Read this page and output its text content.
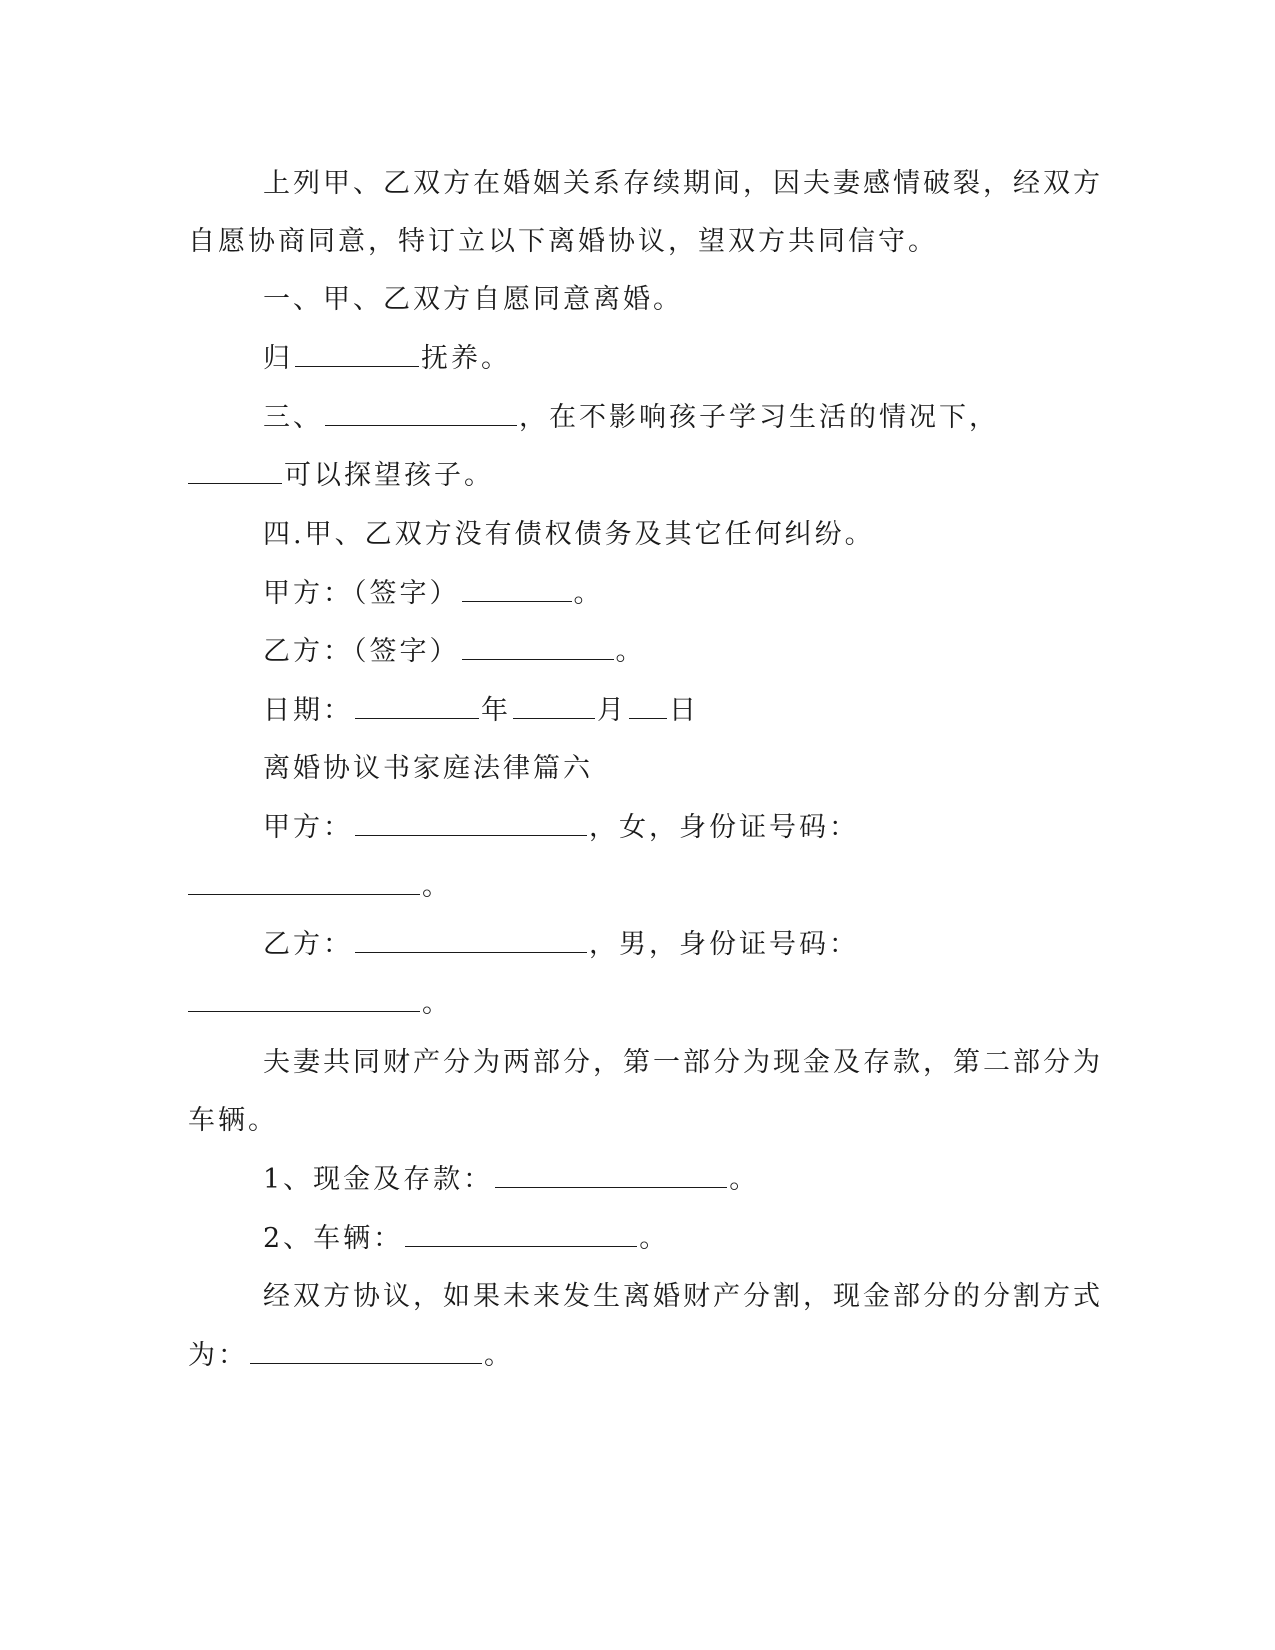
上列甲、乙双方在婚姻关系存续期间，因夫妻感情破裂，经双方
自愿协商同意，特订立以下离婚协议，望双方共同信守。
一、甲、乙双方自愿同意离婚。
归	抚养。
三、	，在不影响孩子学习生活的情况下，
可以探望孩子。
四.甲、乙双方没有债权债务及其它任何纠纷。
甲方：（签字）	。
乙方：（签字）	。
日期：	年	月 日
离婚协议书家庭法律篇六
甲方：	，女，身份证号码：
。
乙方：	，男，身份证号码：
。
夫妻共同财产分为两部分，第一部分为现金及存款，第二部分为
车辆。
1、现金及存款：	。
2、车辆：	。
经双方协议，如果未来发生离婚财产分割，现金部分的分割方式
为：	。
